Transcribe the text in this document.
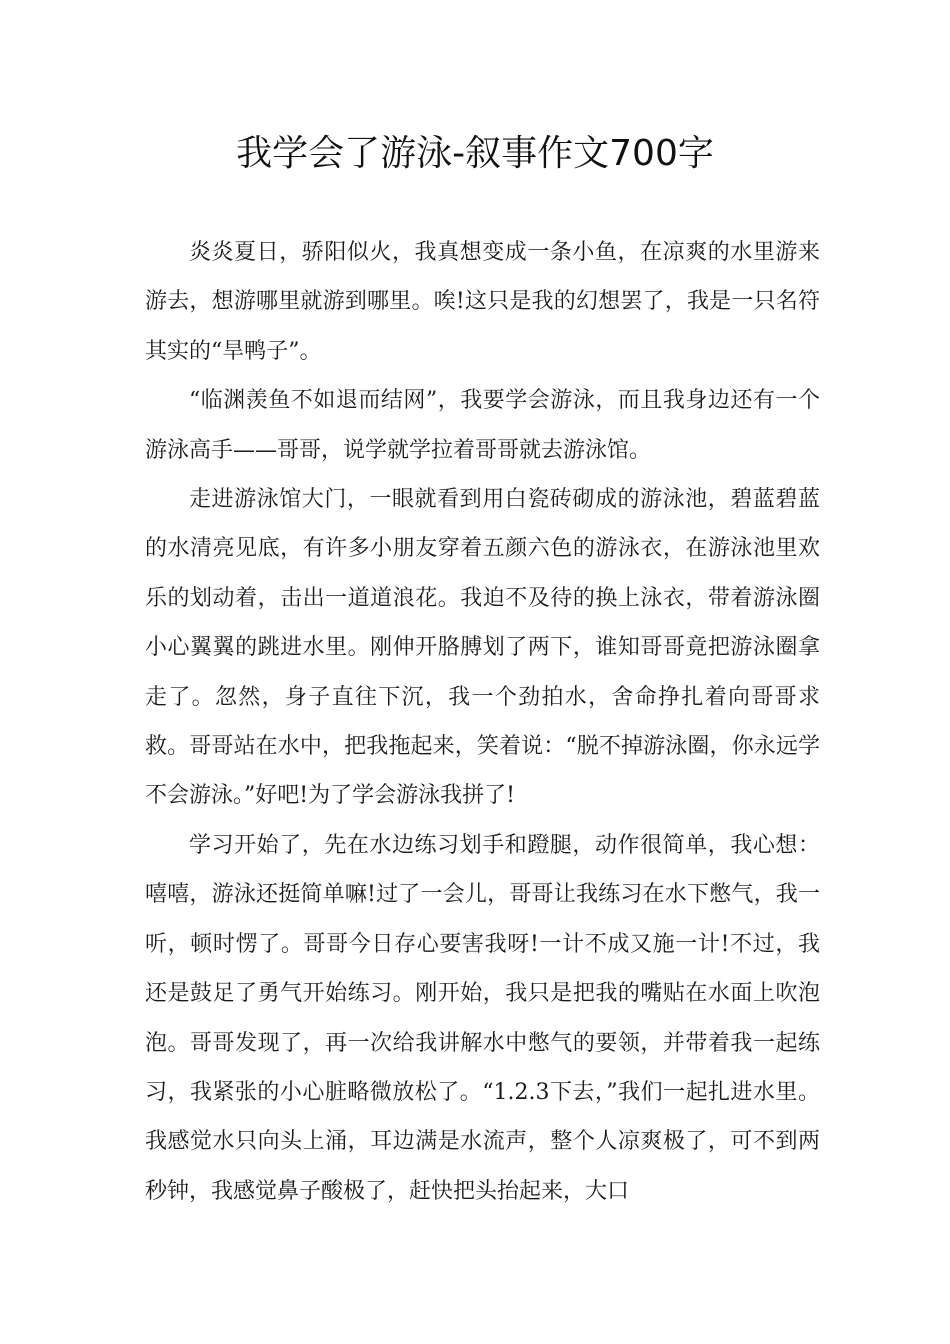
我学会了游泳-叙事作文700字

炎炎夏日，骄阳似火，我真想变成一条小鱼，在凉爽的水里游来游去，想游哪里就游到哪里。唉!这只是我的幻想罢了，我是一只名符其实的“旱鸭子”。

“临渊羡鱼不如退而结网”，我要学会游泳，而且我身边还有一个游泳高手——哥哥，说学就学拉着哥哥就去游泳馆。

走进游泳馆大门，一眼就看到用白瓷砖砌成的游泳池，碧蓝碧蓝的水清亮见底，有许多小朋友穿着五颜六色的游泳衣，在游泳池里欢乐的划动着，击出一道道浪花。我迫不及待的换上泳衣，带着游泳圈小心翼翼的跳进水里。刚伸开胳膊划了两下，谁知哥哥竟把游泳圈拿走了。忽然，身子直往下沉，我一个劲拍水，舍命挣扎着向哥哥求救。哥哥站在水中，把我拖起来，笑着说：“脱不掉游泳圈，你永远学不会游泳。”好吧!为了学会游泳我拼了!

学习开始了，先在水边练习划手和蹬腿，动作很简单，我心想：嘻嘻，游泳还挺简单嘛!过了一会儿，哥哥让我练习在水下憋气，我一听，顿时愣了。哥哥今日存心要害我呀!一计不成又施一计!不过，我还是鼓足了勇气开始练习。刚开始，我只是把我的嘴贴在水面上吹泡泡。哥哥发现了，再一次给我讲解水中憋气的要领，并带着我一起练习，我紧张的小心脏略微放松了。“1.2.3下去，”我们一起扎进水里。我感觉水只向头上涌，耳边满是水流声，整个人凉爽极了，可不到两秒钟，我感觉鼻子酸极了，赶快把头抬起来，大口
